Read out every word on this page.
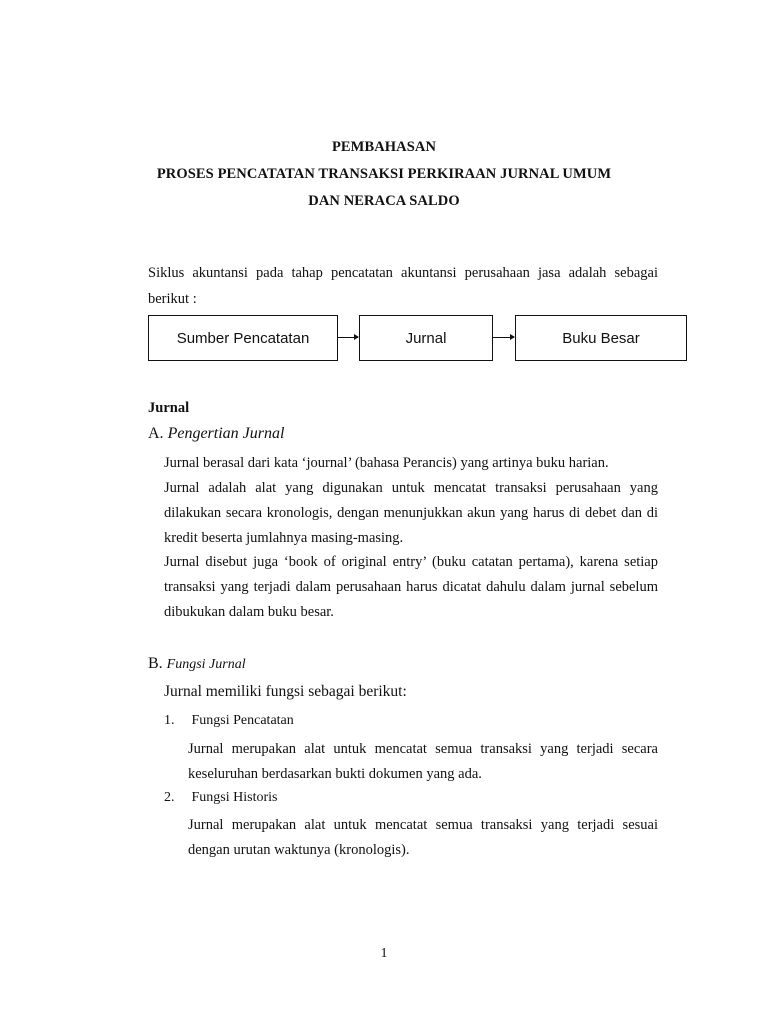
PEMBAHASAN
PROSES PENCATATAN TRANSAKSI PERKIRAAN JURNAL UMUM
DAN NERACA SALDO
Siklus akuntansi pada tahap pencatatan akuntansi perusahaan jasa adalah sebagai berikut :
Sumber Pencatatan	Jurnal	Buku Besar
Jurnal
A. Pengertian Jurnal
Jurnal berasal dari kata ‘journal’ (bahasa Perancis) yang artinya buku harian.
Jurnal adalah alat yang digunakan untuk mencatat transaksi perusahaan yang dilakukan secara kronologis, dengan menunjukkan akun yang harus di debet dan di kredit beserta jumlahnya masing-masing.
Jurnal disebut juga ‘book of original entry’ (buku catatan pertama), karena setiap transaksi yang terjadi dalam perusahaan harus dicatat dahulu dalam jurnal sebelum dibukukan dalam buku besar.
B. Fungsi Jurnal
Jurnal memiliki fungsi sebagai berikut:
1. Fungsi Pencatatan
Jurnal merupakan alat untuk mencatat semua transaksi yang terjadi secara keseluruhan berdasarkan bukti dokumen yang ada.
2. Fungsi Historis
Jurnal merupakan alat untuk mencatat semua transaksi yang terjadi sesuai dengan urutan waktunya (kronologis).
1
